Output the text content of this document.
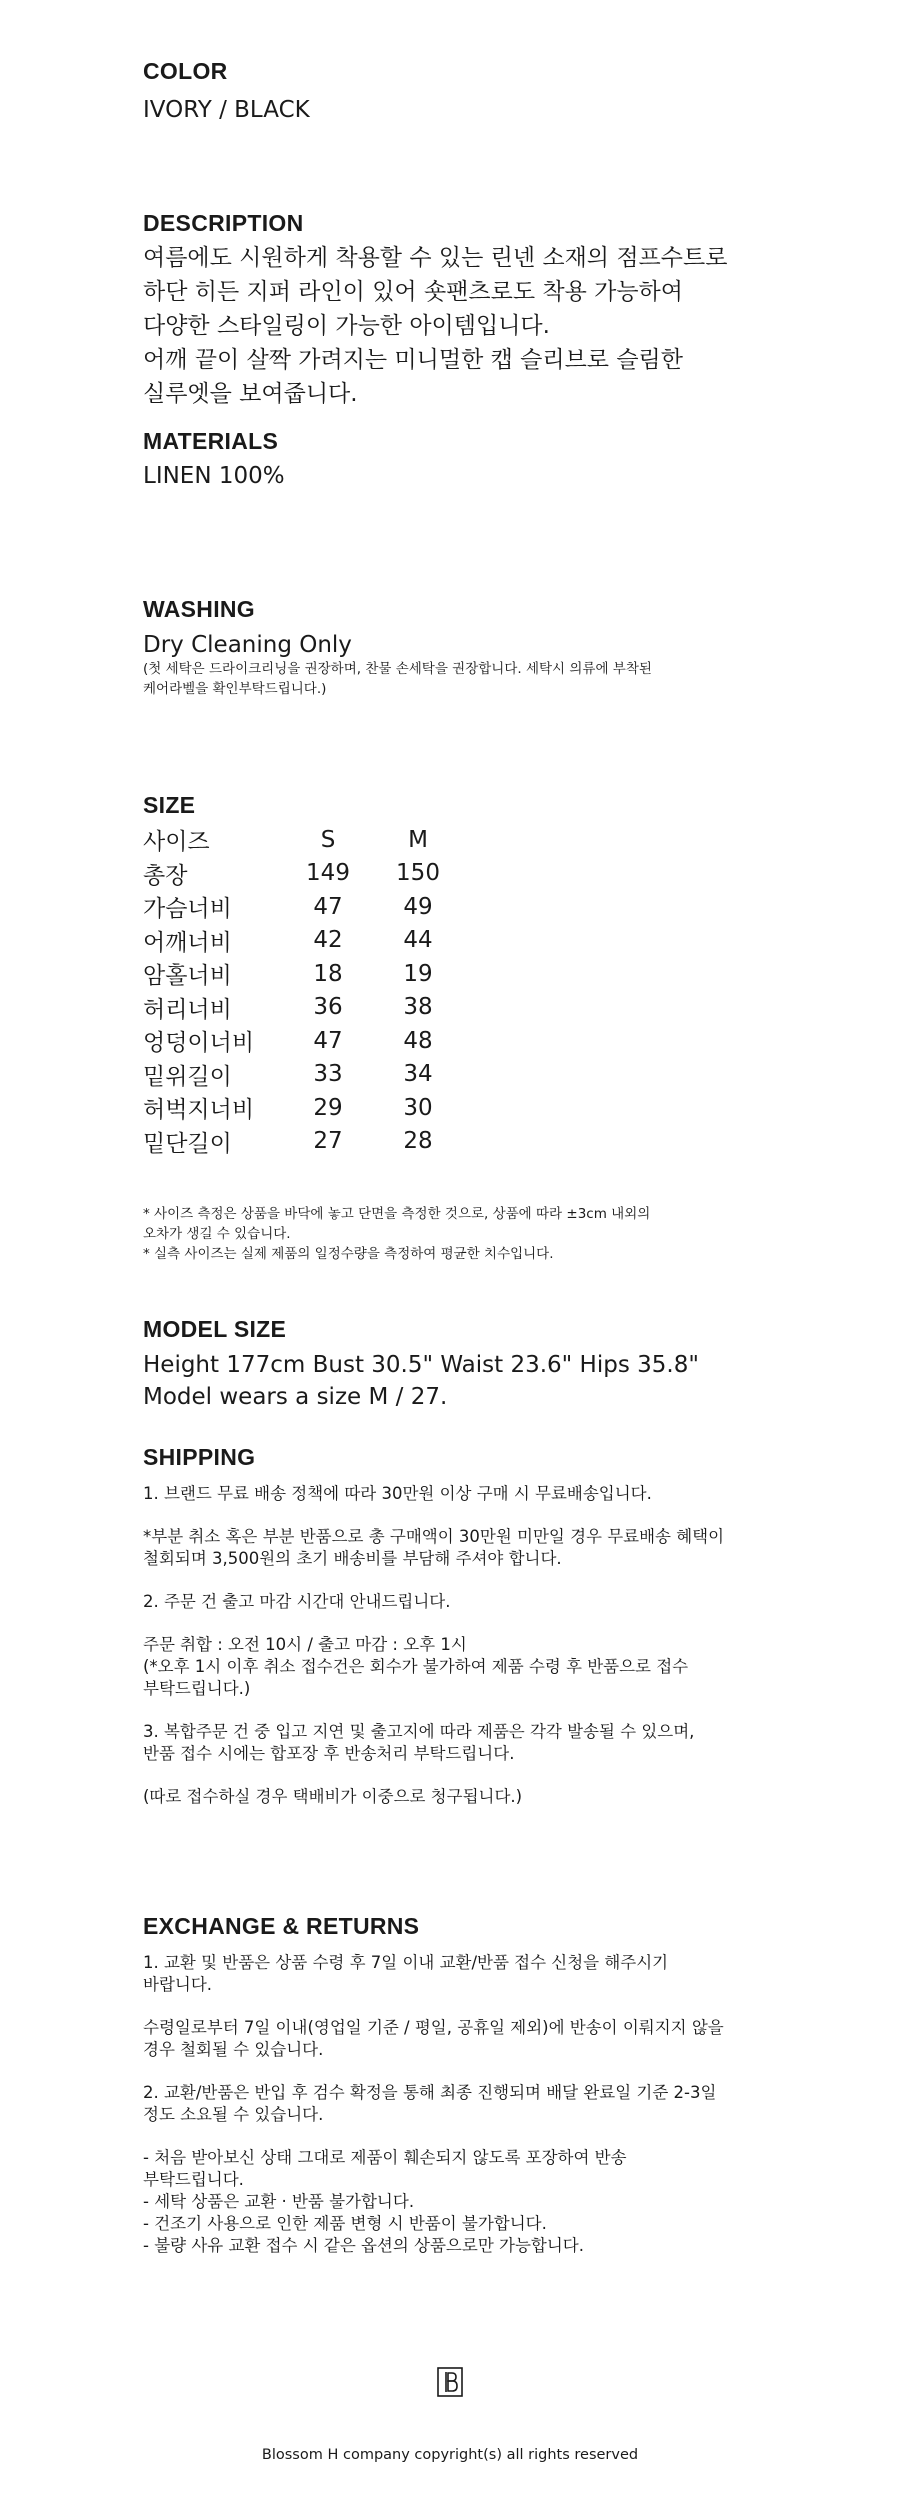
COLOR
IVORY / BLACK
DESCRIPTION
여름에도 시원하게 착용할 수 있는 린넨 소재의 점프수트로
하단 히든 지퍼 라인이 있어 숏팬츠로도 착용 가능하여
다양한 스타일링이 가능한 아이템입니다.
어깨 끝이 살짝 가려지는 미니멀한 캡 슬리브로 슬림한
실루엣을 보여줍니다.
MATERIALS
LINEN 100%
WASHING
Dry Cleaning Only
(첫 세탁은 드라이크리닝을 권장하며, 찬물 손세탁을 권장합니다. 세탁시 의류에 부착된
케어라벨을 확인부탁드립니다.)
SIZE
사이즈	S	M
총장	149	150
가슴너비	47	49
어깨너비	42	44
암홀너비	18	19
허리너비	36	38
엉덩이너비	47	48
밑위길이	33	34
허벅지너비	29	30
밑단길이	27	28
* 사이즈 측정은 상품을 바닥에 놓고 단면을 측정한 것으로, 상품에 따라 ±3cm 내외의
오차가 생길 수 있습니다.
* 실측 사이즈는 실제 제품의 일정수량을 측정하여 평균한 치수입니다.
MODEL SIZE
Height 177cm Bust 30.5" Waist 23.6" Hips 35.8"
Model wears a size M / 27.
SHIPPING

1. 브랜드 무료 배송 정책에 따라 30만원 이상 구매 시 무료배송입니다.

*부분 취소 혹은 부분 반품으로 총 구매액이 30만원 미만일 경우 무료배송 혜택이
철회되며 3,500원의 초기 배송비를 부담해 주셔야 합니다.

2. 주문 건 출고 마감 시간대 안내드립니다.

주문 취합 : 오전 10시 / 출고 마감 : 오후 1시
(*오후 1시 이후 취소 접수건은 회수가 불가하여 제품 수령 후 반품으로 접수
부탁드립니다.)

3. 복합주문 건 중 입고 지연 및 출고지에 따라 제품은 각각 발송될 수 있으며,
반품 접수 시에는 합포장 후 반송처리 부탁드립니다.

(따로 접수하실 경우 택배비가 이중으로 청구됩니다.)

EXCHANGE & RETURNS

1. 교환 및 반품은 상품 수령 후 7일 이내 교환/반품 접수 신청을 해주시기
바랍니다.

수령일로부터 7일 이내(영업일 기준 / 평일, 공휴일 제외)에 반송이 이뤄지지 않을
경우 철회될 수 있습니다.

2. 교환/반품은 반입 후 검수 확정을 통해 최종 진행되며 배달 완료일 기준 2-3일
정도 소요될 수 있습니다.

- 처음 받아보신 상태 그대로 제품이 훼손되지 않도록 포장하여 반송
부탁드립니다.
- 세탁 상품은 교환 · 반품 불가합니다.
- 건조기 사용으로 인한 제품 변형 시 반품이 불가합니다.
- 불량 사유 교환 접수 시 같은 옵션의 상품으로만 가능합니다.

Blossom H company copyright(s) all rights reserved
